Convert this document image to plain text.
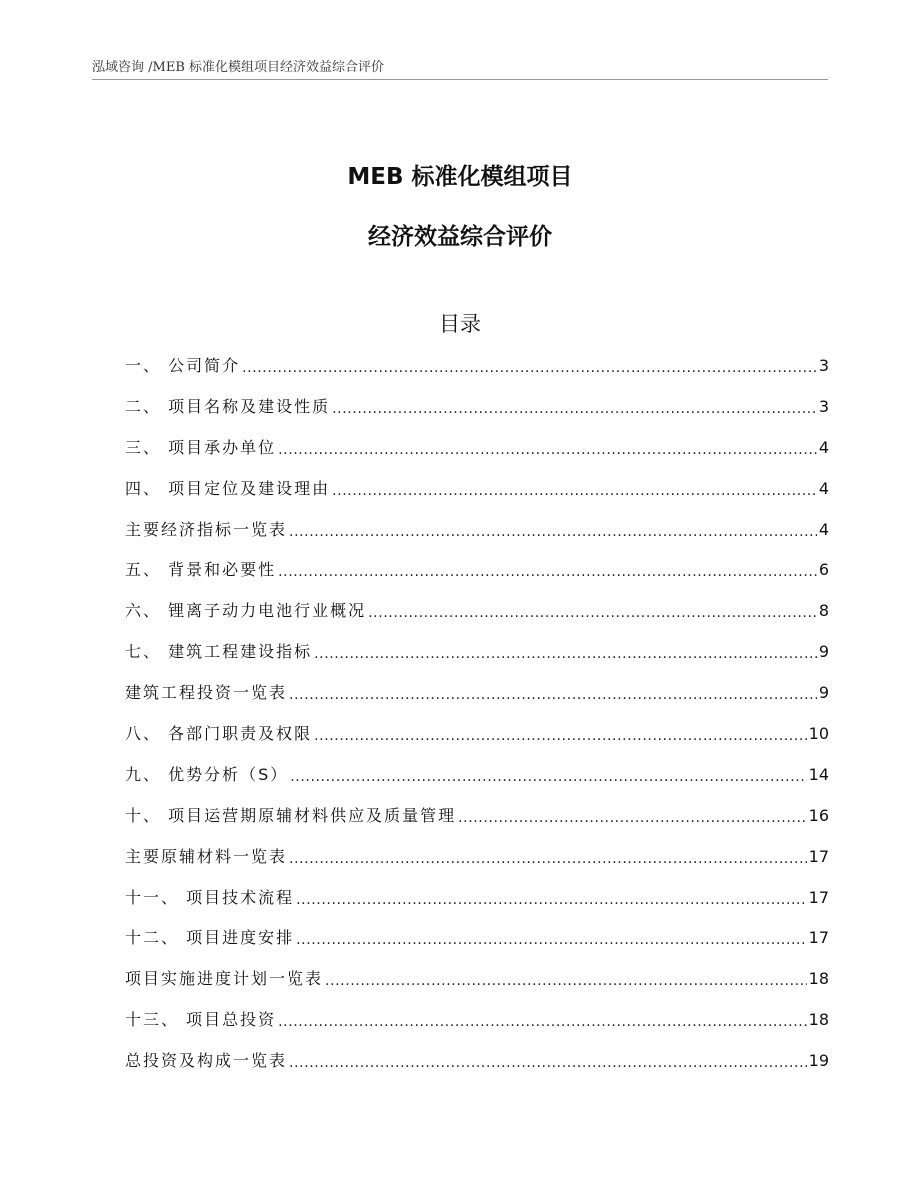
泓域咨询 /MEB 标准化模组项目经济效益综合评价
MEB 标准化模组项目
经济效益综合评价
目录
一、 公司简介 .....	3
二、 项目名称及建设性质 .....	3
三、 项目承办单位 .....	4
四、 项目定位及建设理由 .....	4
主要经济指标一览表 .....	4
五、 背景和必要性 .....	6
六、 锂离子动力电池行业概况 .....	8
七、 建筑工程建设指标 .....	9
建筑工程投资一览表 .....	9
八、 各部门职责及权限 .....	10
九、 优势分析（S） .....	14
十、 项目运营期原辅材料供应及质量管理 .....	16
主要原辅材料一览表 .....	17
十一、 项目技术流程 .....	17
十二、 项目进度安排 .....	17
项目实施进度计划一览表 .....	18
十三、 项目总投资 .....	18
总投资及构成一览表 .....	19
